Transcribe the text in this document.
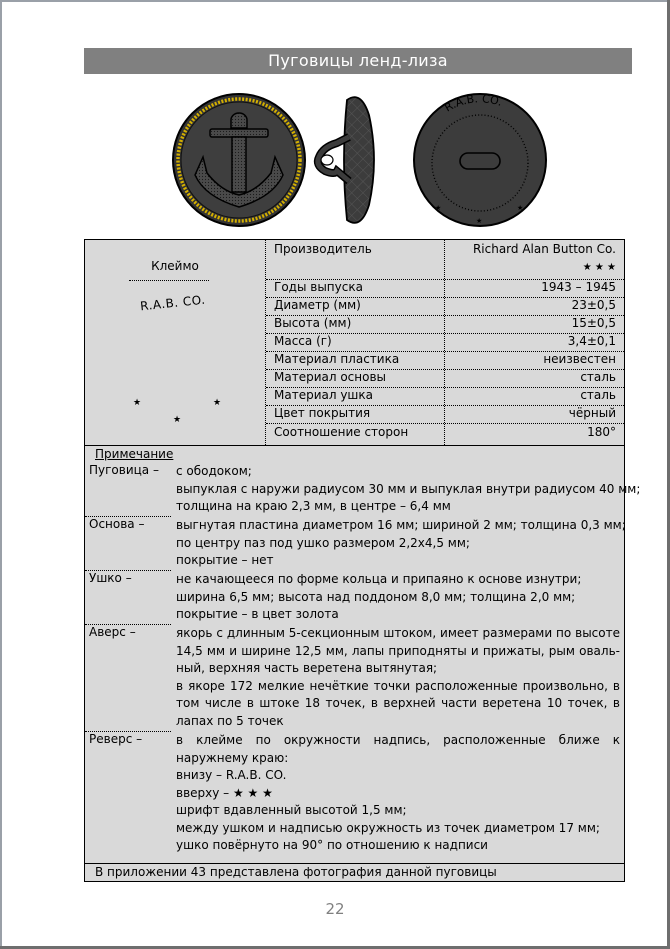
Пуговицы ленд-лиза
R.A.B. CO.
★	★
★
Клеймо
R.A.B. CO.
★
★
★
Производитель	Richard Alan Button Co.
★ ★ ★
Годы выпуска	1943 – 1945
Диаметр (мм)	23±0,5
Высота (мм)	15±0,5
Масса (г)	3,4±0,1
Материал пластика	неизвестен
Материал основы	сталь
Материал ушка	сталь
Цвет покрытия	чёрный
Соотношение сторон	180°
Примечание
Пуговица – с ободоком;
выпуклая с наружи радиусом 30 мм и выпуклая внутри радиусом 40 мм;
толщина на краю 2,3 мм, в центре – 6,4 мм
Основа –	выгнутая пластина диаметром 16 мм; шириной 2 мм; толщина 0,3 мм;
по центру паз под ушко размером 2,2х4,5 мм;
покрытие – нет
Ушко –	не качающееся по форме кольца и припаяно к основе изнутри;
ширина 6,5 мм; высота над поддоном 8,0 мм; толщина 2,0 мм;
покрытие – в цвет золота
Аверс –	якорь с длинным 5-секционным штоком, имеет размерами по высоте 14,5 мм и ширине 12,5 мм, лапы приподняты и прижаты, рым оваль-ный, верхняя часть веретена вытянутая;
в якоре 172 мелкие нечёткие точки расположенные произвольно, в том числе в штоке 18 точек, в верхней части веретена 10 точек, в лапах по 5 точек
Реверс –	в клейме по окружности надпись, расположенные ближе к наружнему краю:
внизу – R.A.B. CO.
вверху – ★ ★ ★
шрифт вдавленный высотой 1,5 мм;
между ушком и надписью окружность из точек диаметром 17 мм;
ушко повёрнуто на 90° по отношению к надписи
В приложении 43 представлена фотография данной пуговицы
22
